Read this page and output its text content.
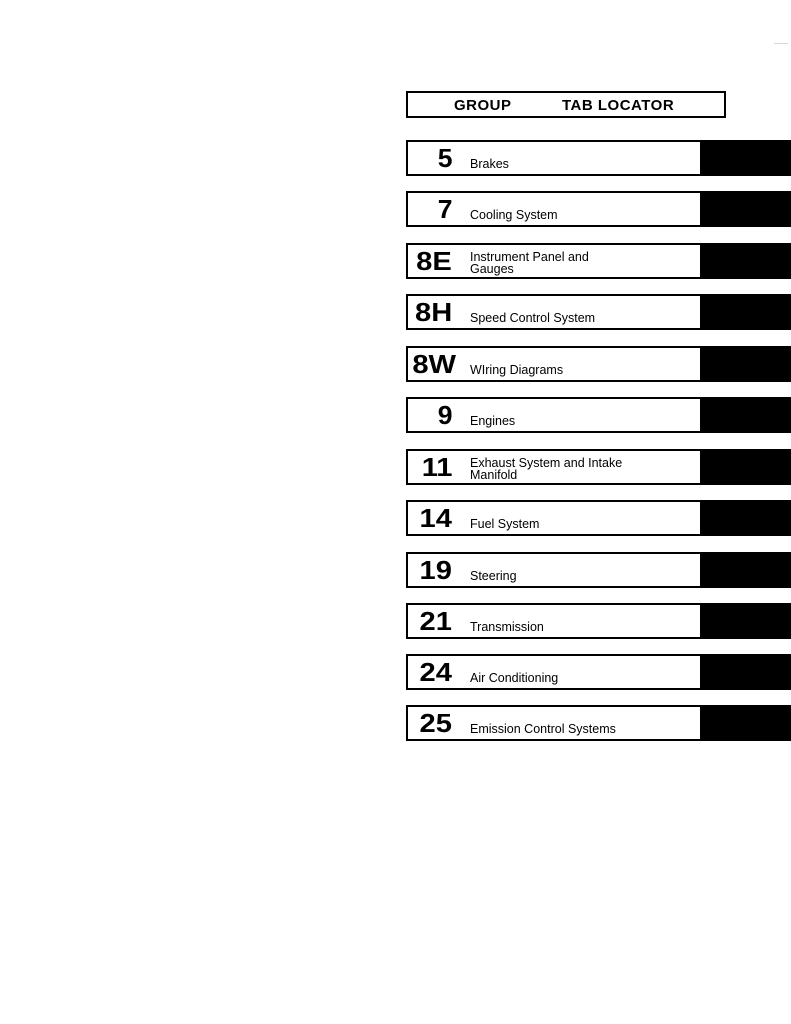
GROUP	TAB LOCATOR
5 Brakes
7 Cooling System
8E Instrument Panel and Gauges
8H Speed Control System
8W WIring Diagrams
9 Engines
11 Exhaust System and Intake Manifold
14 Fuel System
19 Steering
21 Transmission
24 Air Conditioning
25 Emission Control Systems
